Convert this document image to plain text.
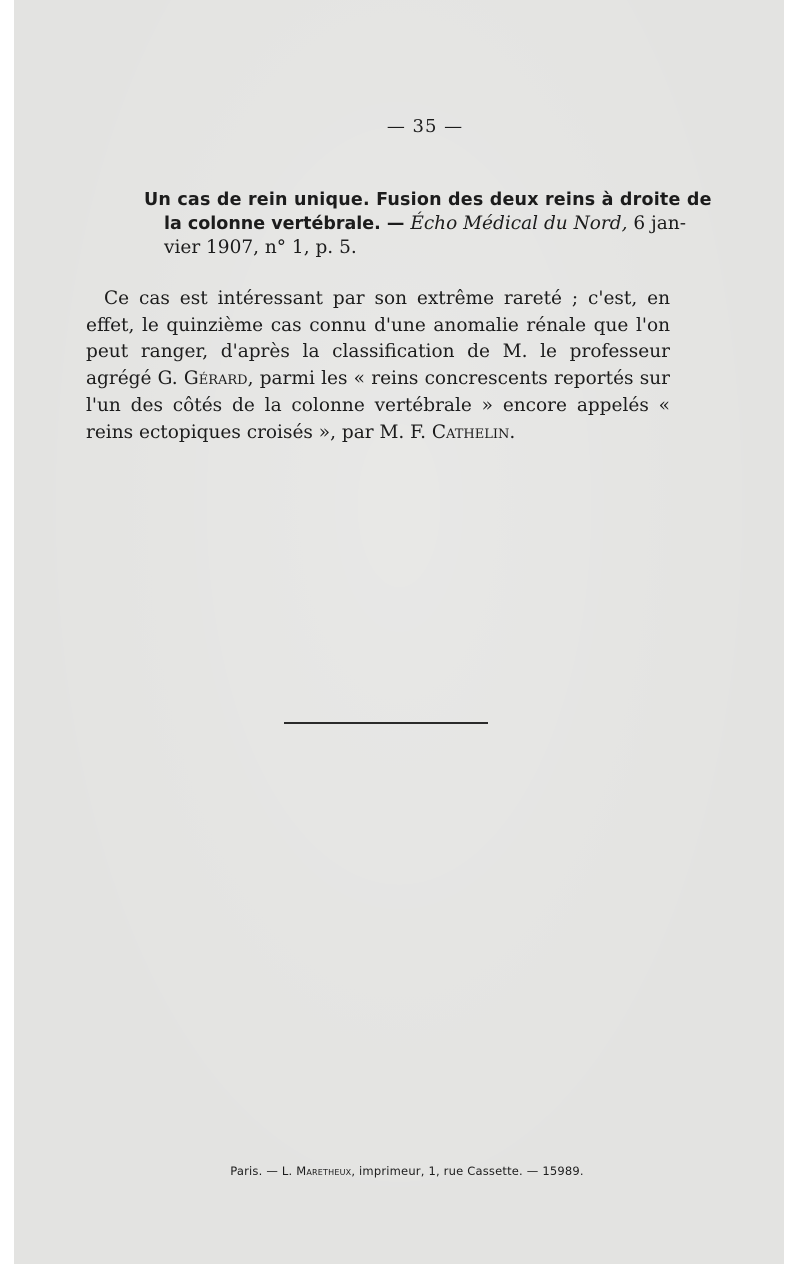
— 35 —
Un cas de rein unique. Fusion des deux reins à droite de
la colonne vertébrale. — Écho Médical du Nord, 6 jan-
vier 1907, n° 1, p. 5.

Ce cas est intéressant par son extrême rareté ; c'est, en effet, le quinzième cas connu d'une anomalie rénale que l'on peut ranger, d'après la classification de M. le professeur agrégé G. Gérard, parmi les « reins concrescents reportés sur l'un des côtés de la colonne vertébrale » encore appelés « reins ectopiques croisés », par M. F. Cathelin.

Paris. — L. Maretheux, imprimeur, 1, rue Cassette. — 15989.
